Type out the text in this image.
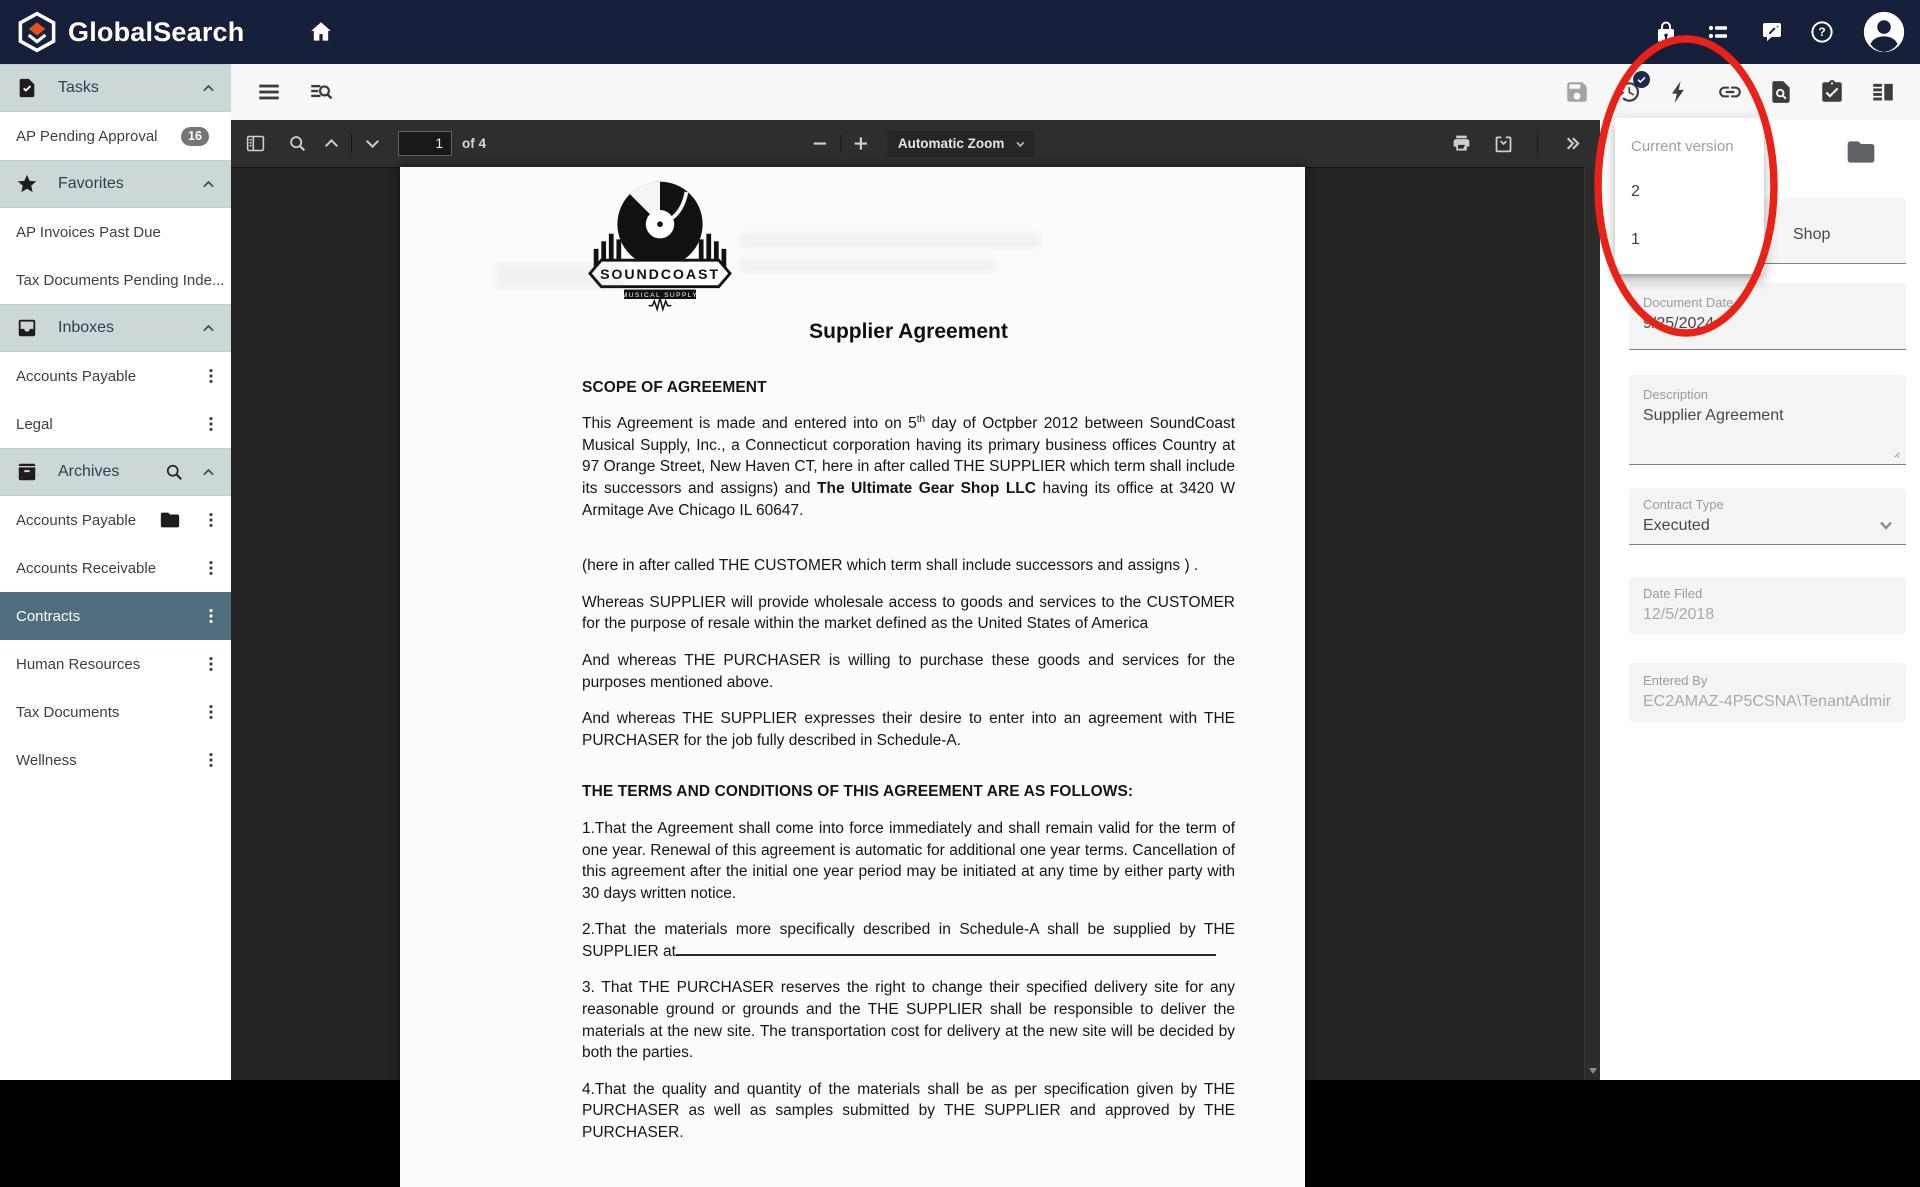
GlobalSearch	?
Tasks
AP Pending Approval	16
Favorites
AP Invoices Past Due
Tax Documents Pending Inde...
Inboxes
Accounts Payable
Legal
Archives
Accounts Payable
Accounts Receivable
Contracts
Human Resources
Tax Documents
Wellness
1
of 4	Automatic Zoom
SOUNDCOAST
MUSICAL SUPPLY
Supplier Agreement

SCOPE OF AGREEMENT

This Agreement is made and entered into on 5th day of Octpber 2012 between SoundCoast Musical Supply, Inc., a Connecticut corporation having its primary business offices Country at 97 Orange Street, New Haven CT, here in after called THE SUPPLIER which term shall include its successors and assigns) and The Ultimate Gear Shop LLC having its office at 3420 W Armitage Ave Chicago IL 60647.

(here in after called THE CUSTOMER which term shall include successors and assigns ) .

Whereas SUPPLIER will provide wholesale access to goods and services to the CUSTOMER for the purpose of resale within the market defined as the United States of America

And whereas THE PURCHASER is willing to purchase these goods and services for the purposes mentioned above.

And whereas THE SUPPLIER expresses their desire to enter into an agreement with THE PURCHASER for the job fully described in Schedule-A.

THE TERMS AND CONDITIONS OF THIS AGREEMENT ARE AS FOLLOWS:

1.That the Agreement shall come into force immediately and shall remain valid for the term of one year. Renewal of this agreement is automatic for additional one year terms. Cancellation of this agreement after the initial one year period may be initiated at any time by either party with 30 days written notice.

2.That the materials more specifically described in Schedule-A shall be supplied by THE SUPPLIER at

3. That THE PURCHASER reserves the right to change their specified delivery site for any reasonable ground or grounds and the THE SUPPLIER shall be responsible to deliver the materials at the new site. The transportation cost for delivery at the new site will be decided by both the parties.

4.That the quality and quantity of the materials shall be as per specification given by THE PURCHASER as well as samples submitted by THE SUPPLIER and approved by THE PURCHASER.

Shop
Document Date
9/25/2024
Description
Supplier Agreement
Contract Type
Executed
Date Filed
12/5/2018
Entered By
EC2AMAZ-4P5CSNA\TenantAdmir
Current version
2
1
